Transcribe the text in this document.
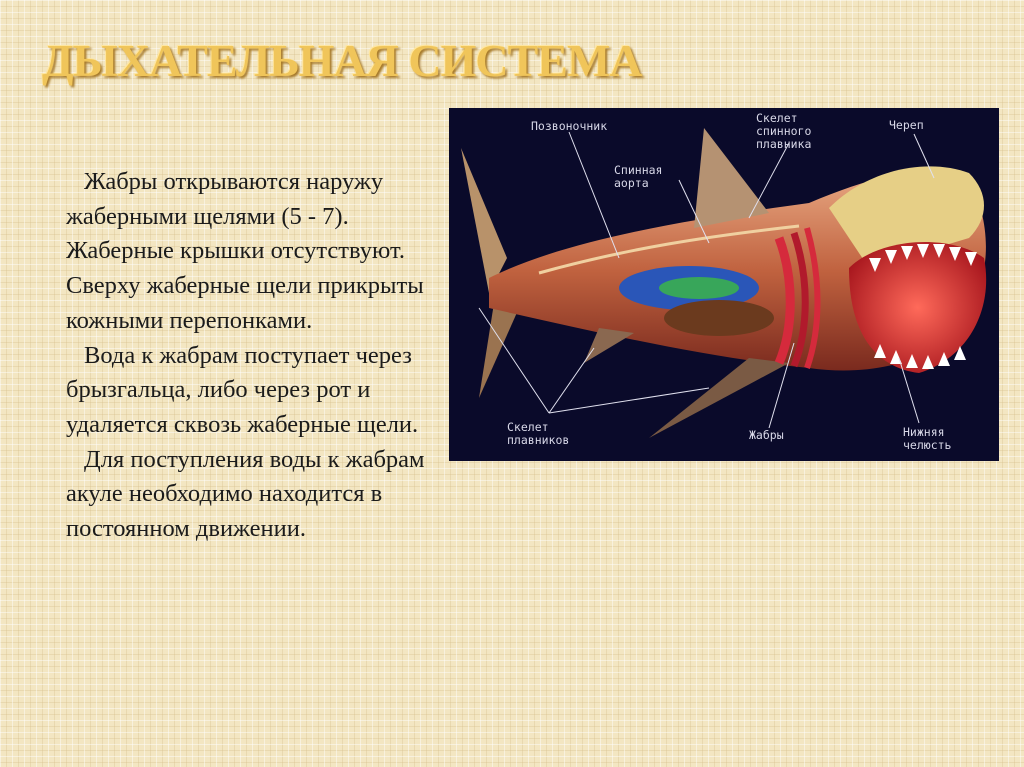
ДЫХАТЕЛЬНАЯ СИСТЕМА

Жабры открываются наружу жаберными щелями (5 - 7). Жаберные крышки отсутствуют. Сверху жаберные щели прикрыты кожными перепонками.

Вода к жабрам поступает через брызгальца, либо через рот и удаляется сквозь жаберные щели.

Для поступления воды к жабрам акуле необходимо находится в постоянном движении.

Позвоночник
Скелет
спинного
плавника
Череп
Спинная
аорта
Скелет
плавников	Жабры	Нижняя
челюсть
